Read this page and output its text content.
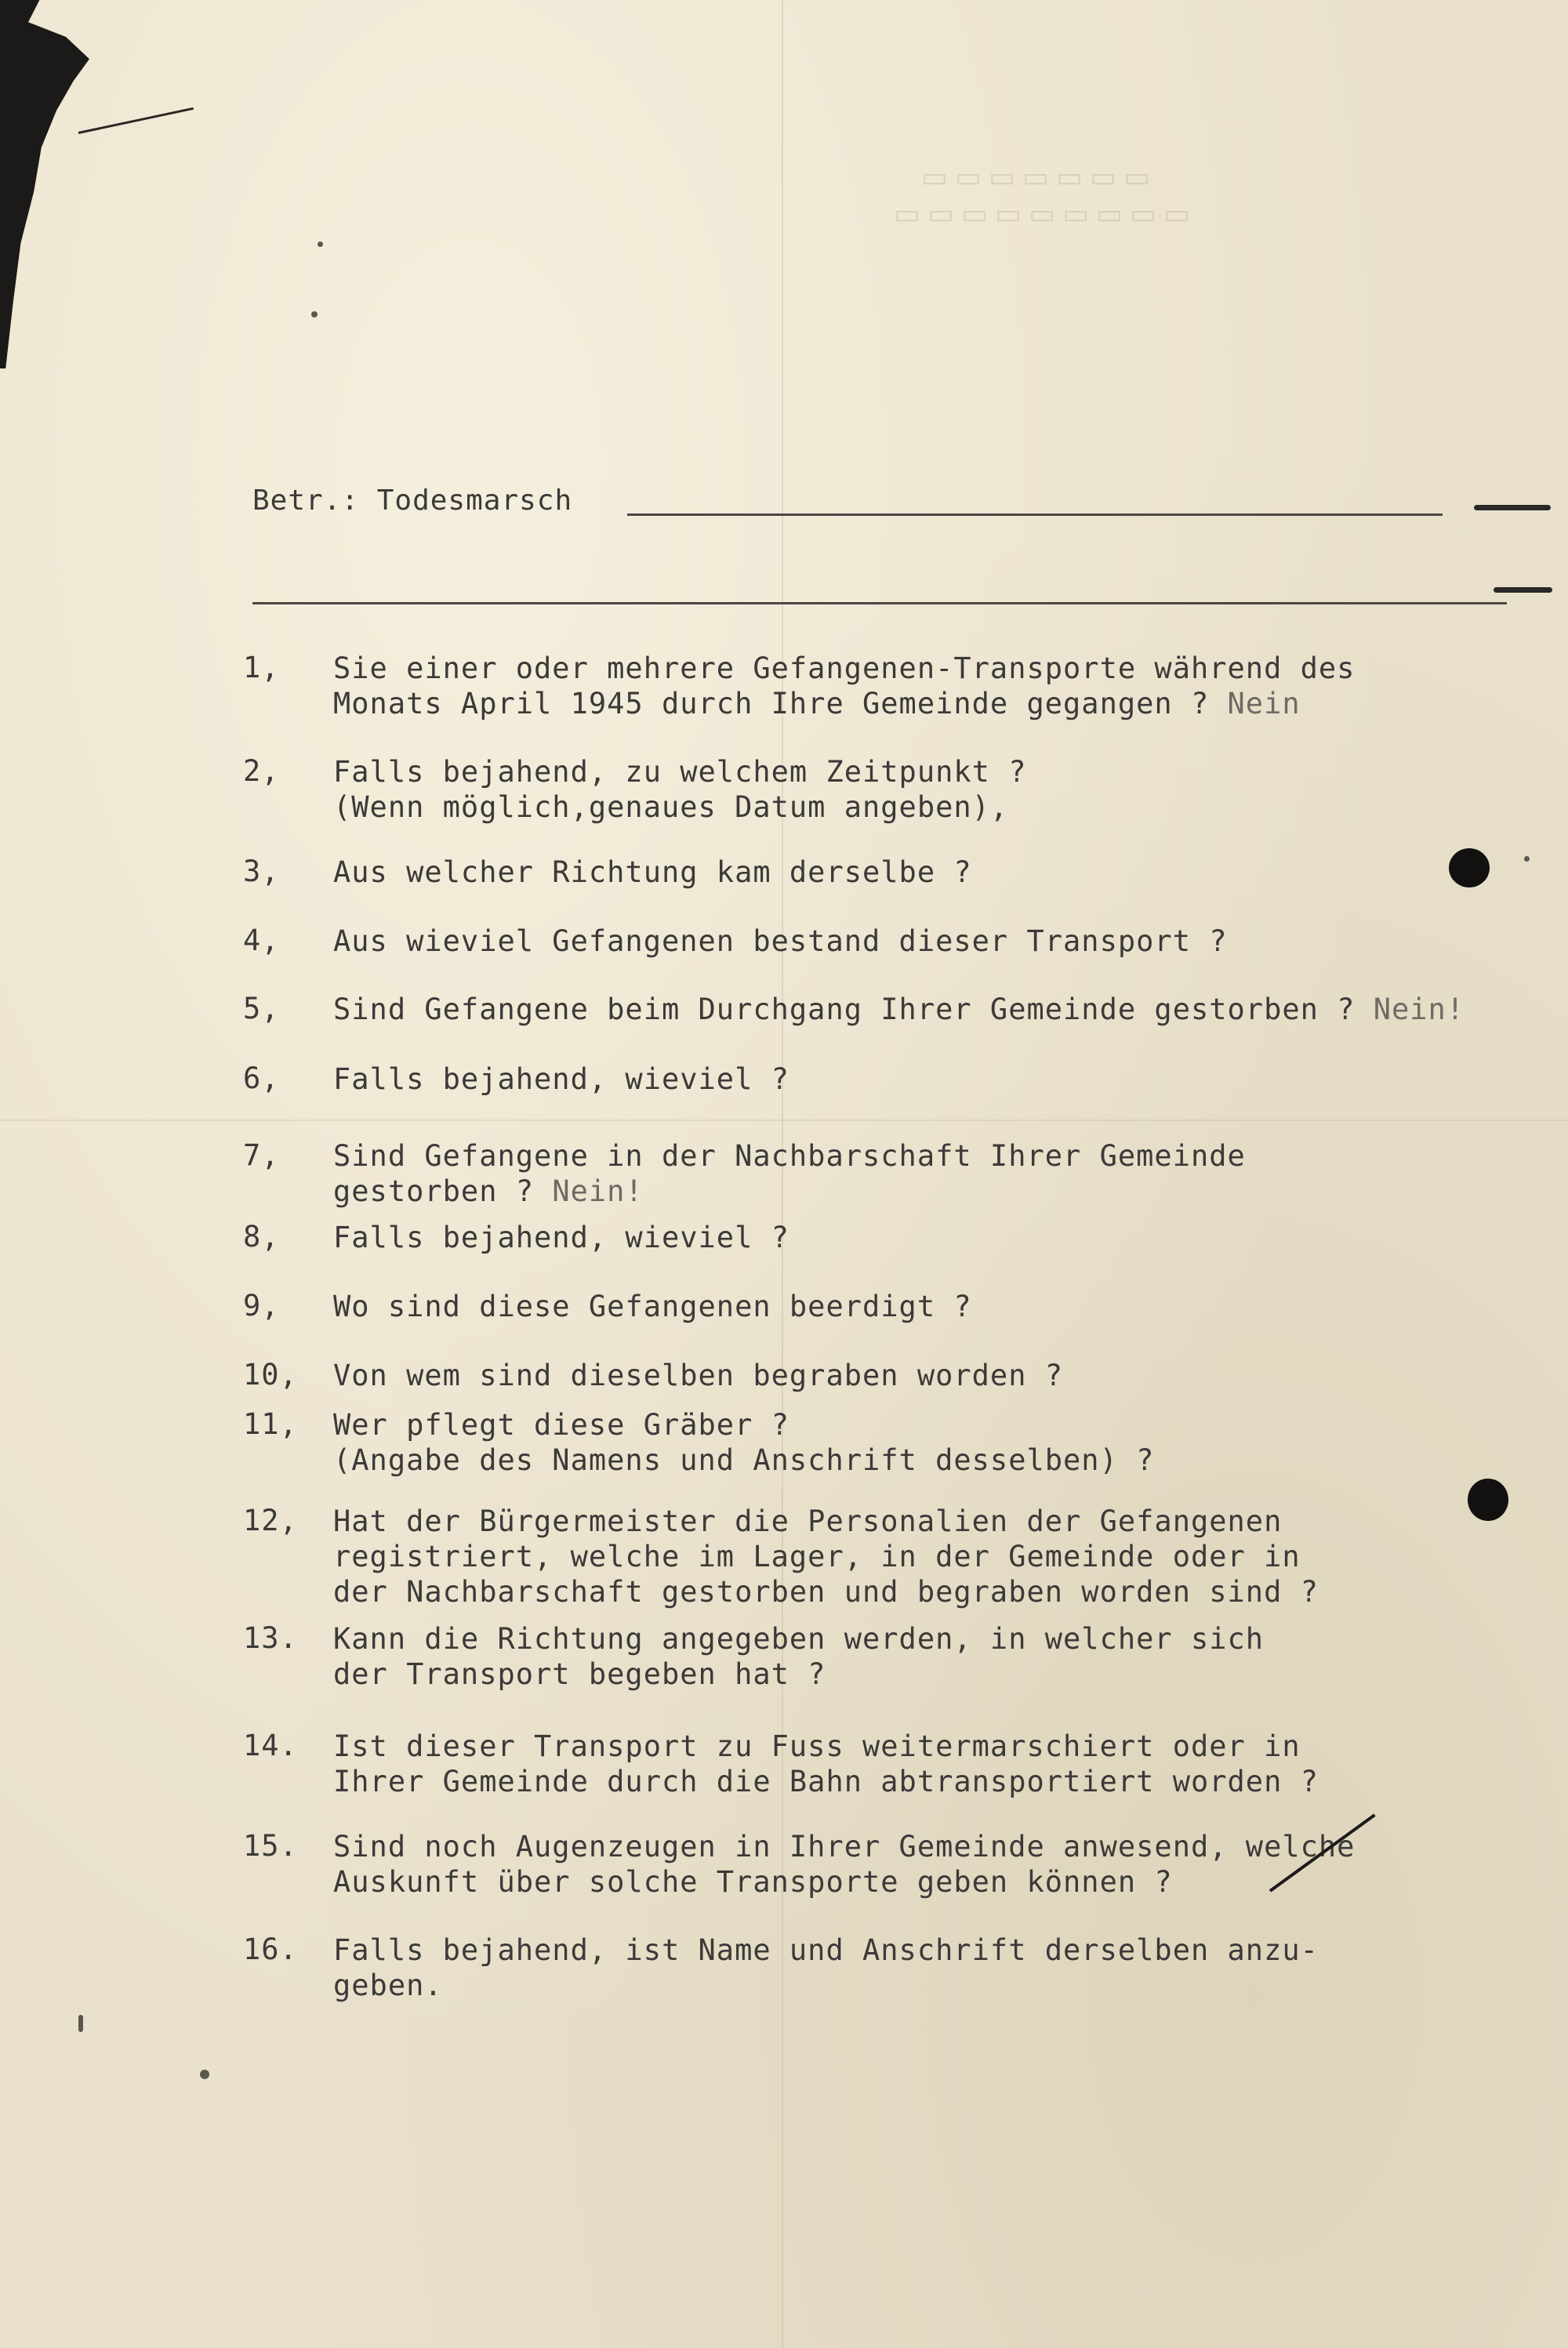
▭ ▭ ▭ ▭ ▭ ▭ ▭
▭ ▭ ▭ ▭ ▭ ▭ ▭ ▭ ▭
Betr.: Todesmarsch
1,	Sie einer oder mehrere Gefangenen-Transporte während des
Monats April 1945 durch Ihre Gemeinde gegangen ? Nein
2,	Falls bejahend, zu welchem Zeitpunkt ?
(Wenn möglich,genaues Datum angeben),
3,	Aus welcher Richtung kam derselbe ?
4,	Aus wieviel Gefangenen bestand dieser Transport ?
5,	Sind Gefangene beim Durchgang Ihrer Gemeinde gestorben ? Nein!
6,	Falls bejahend, wieviel ?
7,	Sind Gefangene in der Nachbarschaft Ihrer Gemeinde
gestorben ? Nein!
8,	Falls bejahend, wieviel ?
9,	Wo sind diese Gefangenen beerdigt ?
10, Von wem sind dieselben begraben worden ?
11, Wer pflegt diese Gräber ?
(Angabe des Namens und Anschrift desselben) ?
12, Hat der Bürgermeister die Personalien der Gefangenen
registriert, welche im Lager, in der Gemeinde oder in
der Nachbarschaft gestorben und begraben worden sind ?
13. Kann die Richtung angegeben werden, in welcher sich
der Transport begeben hat ?
14. Ist dieser Transport zu Fuss weitermarschiert oder in
Ihrer Gemeinde durch die Bahn abtransportiert worden ?
15. Sind noch Augenzeugen in Ihrer Gemeinde anwesend, welche
Auskunft über solche Transporte geben können ?
16. Falls bejahend, ist Name und Anschrift derselben anzu-
geben.
